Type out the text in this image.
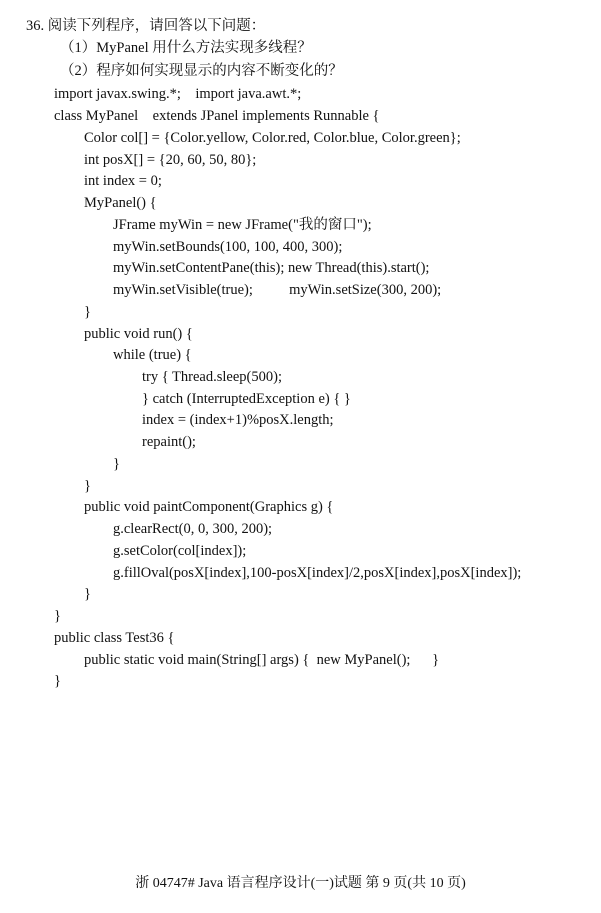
36. 阅读下列程序，请回答以下问题：
（1）MyPanel 用什么方法实现多线程？
（2）程序如何实现显示的内容不断变化的？
import javax.swing.*;    import java.awt.*;
class MyPanel    extends JPanel implements Runnable {
Color col[] = {Color.yellow, Color.red, Color.blue, Color.green};
int posX[] = {20, 60, 50, 80};
int index = 0;
MyPanel() {
JFrame myWin = new JFrame("我的窗口");
myWin.setBounds(100, 100, 400, 300);
myWin.setContentPane(this); new Thread(this).start();
myWin.setVisible(true);          myWin.setSize(300, 200);
}
public void run() {
while (true) {
try { Thread.sleep(500);
} catch (InterruptedException e) { }
index = (index+1)%posX.length;
repaint();
}
}
public void paintComponent(Graphics g) {
g.clearRect(0, 0, 300, 200);
g.setColor(col[index]);
g.fillOval(posX[index],100-posX[index]/2,posX[index],posX[index]);
}
}
public class Test36 {
public static void main(String[] args) {  new MyPanel();      }
}
浙 04747# Java 语言程序设计(一)试题 第 9 页(共 10 页)
